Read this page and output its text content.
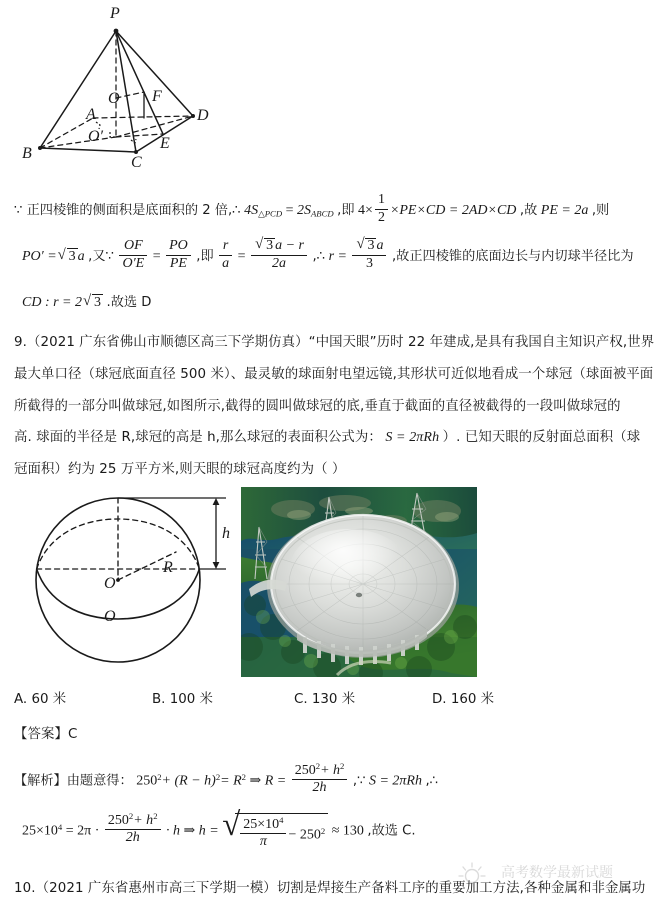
P
O F
A	D
O′	E
B
C
∵ 正四棱锥的侧面积是底面积的 2 倍,∴ $4S_{\triangle PCD} = 2S_{ABCD}$ ,即 $4\times \frac{1}{2} \times PE\times CD = 2AD\times CD$ ,故 PE = 2a ,则
PO′ = √ 3 a ,又∵ $\frac{OF}{O'E} = \frac{PO}{PE}$ ,即 $\frac{r}{a}$ = √ $\frac{3 a - r}{2a}$ ,∴ r = √ $\frac{3 a}{3}$ ,故正四棱锥的底面边长与内切球半径比为
CD : r = 2 √ 3 .故选 D
9.（2021 广东省佛山市顺德区高三下学期仿真）“中国天眼”历时 22 年建成,是具有我国自主知识产权,世界
最大单口径（球冠底面直径 500 米）、最灵敏的球面射电望远镜,其形状可近似地看成一个球冠（球面被平面
所截得的一部分叫做球冠,如图所示,截得的圆叫做球冠的底,垂直于截面的直径被截得的一段叫做球冠的
高. 球面的半径是 R,球冠的高是 h,那么球冠的表面积公式为： S = 2πRh ）. 已知天眼的反射面总面积（球
冠面积）约为 25 万平方米,则天眼的球冠高度约为（ ）
h
O′
O
R
A. 60 米	B. 100 米	C. 130 米	D. 160 米
【答案】C
【解析】由题意得： $250^2+ (R - h)^2= R^2$ ⇒ $R = \frac{250^2+ h^2}{2h}$ ,∵ S = 2πRh ,∴
$25\times 10^4 = 2\pi \cdot \frac{250^2+ h^2}{2h} \cdot h$ ⇒ h = √ $\frac{25\times 10^4}{\pi} - 250^2 \approx 130$ ,故选 C.
10.（2021 广东省惠州市高三下学期一模）切割是焊接生产备料工序的重要加工方法,各种金属和非金属功
高考数学最新试题
